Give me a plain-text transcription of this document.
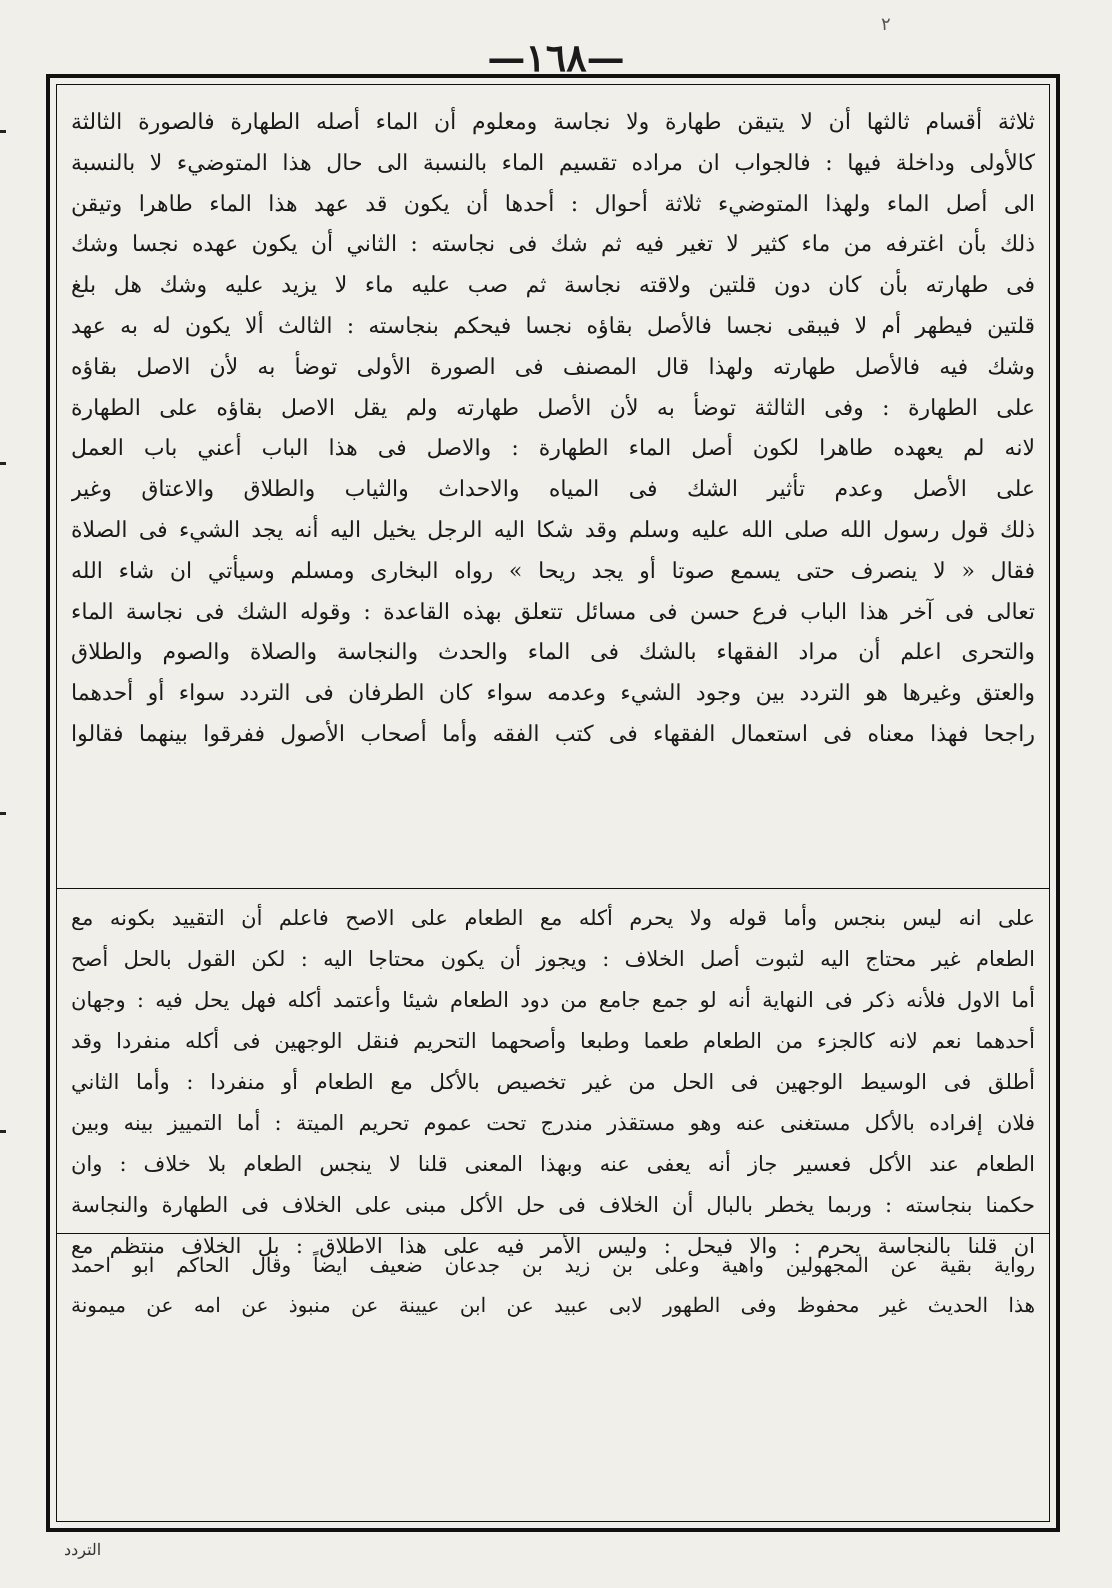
٢
—١٦٨—
ثلاثة أقسام ثالثها أن لا يتيقن طهارة ولا نجاسة ومعلوم أن الماء أصله الطهارة فالصورة الثالثة
كالأولى وداخلة فيها : فالجواب ان مراده تقسيم الماء بالنسبة الى حال هذا المتوضيء لا بالنسبة
الى أصل الماء ولهذا المتوضيء ثلاثة أحوال : أحدها أن يكون قد عهد هذا الماء طاهرا وتيقن
ذلك بأن اغترفه من ماء كثير لا تغير فيه ثم شك فى نجاسته : الثاني أن يكون عهده نجسا وشك
فى طهارته بأن كان دون قلتين ولاقته نجاسة ثم صب عليه ماء لا يزيد عليه وشك هل بلغ
قلتين فيطهر أم لا فيبقى نجسا فالأصل بقاؤه نجسا فيحكم بنجاسته : الثالث ألا يكون له به عهد
وشك فيه فالأصل طهارته ولهذا قال المصنف فى الصورة الأولى توضأ به لأن الاصل بقاؤه
على الطهارة : وفى الثالثة توضأ به لأن الأصل طهارته ولم يقل الاصل بقاؤه على الطهارة
لانه لم يعهده طاهرا لكون أصل الماء الطهارة : والاصل فى هذا الباب أعني باب العمل
على الأصل وعدم تأثير الشك فى المياه والاحداث والثياب والطلاق والاعتاق وغير
ذلك قول رسول الله صلى الله عليه وسلم وقد شكا اليه الرجل يخيل اليه أنه يجد الشيء فى الصلاة
فقال « لا ينصرف حتى يسمع صوتا أو يجد ريحا » رواه البخارى ومسلم وسيأتي ان شاء الله
تعالى فى آخر هذا الباب فرع حسن فى مسائل تتعلق بهذه القاعدة : وقوله الشك فى نجاسة الماء
والتحرى اعلم أن مراد الفقهاء بالشك فى الماء والحدث والنجاسة والصلاة والصوم والطلاق
والعتق وغيرها هو التردد بين وجود الشيء وعدمه سواء كان الطرفان فى التردد سواء أو أحدهما
راجحا فهذا معناه فى استعمال الفقهاء فى كتب الفقه وأما أصحاب الأصول ففرقوا بينهما فقالوا
على انه ليس بنجس وأما قوله ولا يحرم أكله مع الطعام على الاصح فاعلم أن التقييد بكونه مع
الطعام غير محتاج اليه لثبوت أصل الخلاف : ويجوز أن يكون محتاجا اليه : لكن القول بالحل أصح
أما الاول فلأنه ذكر فى النهاية أنه لو جمع جامع من دود الطعام شيئا وأعتمد أكله فهل يحل فيه : وجهان
أحدهما نعم لانه كالجزء من الطعام طعما وطبعا وأصحهما التحريم فنقل الوجهين فى أكله منفردا وقد
أطلق فى الوسيط الوجهين فى الحل من غير تخصيص بالأكل مع الطعام أو منفردا : وأما الثاني
فلان إفراده بالأكل مستغنى عنه وهو مستقذر مندرج تحت عموم تحريم الميتة : أما التمييز بينه وبين
الطعام عند الأكل فعسير جاز أنه يعفى عنه وبهذا المعنى قلنا لا ينجس الطعام بلا خلاف : وان
حكمنا بنجاسته : وربما يخطر بالبال أن الخلاف فى حل الأكل مبنى على الخلاف فى الطهارة والنجاسة
ان قلنا بالنجاسة يحرم : والا فيحل : وليس الأمر فيه على هذا الاطلاق : بل الخلاف منتظم مع
رواية بقية عن المجهولين واهية وعلى بن زيد بن جدعان ضعيف ايضاً وقال الحاكم ابو احمد
هذا الحديث غير محفوظ وفى الطهور لابى عبيد عن ابن عيينة عن منبوذ عن امه عن ميمونة
التردد
